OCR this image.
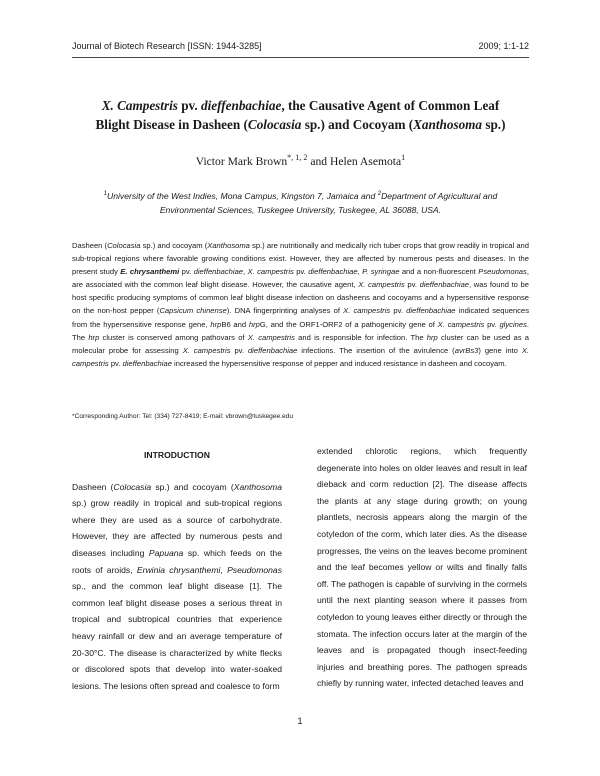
Journal of Biotech Research [ISSN: 1944-3285]	2009; 1:1-12
X. Campestris pv. dieffenbachiae, the Causative Agent of Common Leaf
Blight Disease in Dasheen (Colocasia sp.) and Cocoyam (Xanthosoma sp.)
Victor Mark Brown$^{*, 1, 2}$ and Helen Asemota$^1$
$^1$University of the West Indies, Mona Campus, Kingston 7, Jamaica and $^2$Department of Agricultural and Environmental Sciences, Tuskegee University, Tuskegee, AL 36088, USA.
Dasheen (Colocasia sp.) and cocoyam (Xanthosoma sp.) are nutritionally and medically rich tuber crops that grow readily in tropical and sub-tropical regions where favorable growing conditions exist. However, they are affected by numerous pests and diseases. In the present study E. chrysanthemi pv. dieffenbachiae, X. campestris pv. dieffenbachiae, P. syringae and a non-fluorescent Pseudomonas, are associated with the common leaf blight disease. However, the causative agent, X. campestris pv. dieffenbachiae, was found to be host specific producing symptoms of common leaf blight disease infection on dasheens and cocoyams and a hypersensitive response on the non-host pepper (Capsicum chinense). DNA fingerprinting analyses of X. campestris pv. dieffenbachiae indicated sequences from the hypersensitive response gene, hrpB6 and hrpG, and the ORF1-ORF2 of a pathogenicity gene of X. campestris pv. glycines. The hrp cluster is conserved among pathovars of X. campestris and is responsible for infection. The hrp cluster can be used as a molecular probe for assessing X. campestris pv. dieffenbachiae infections. The insertion of the avirulence (avrBs3) gene into X. campestris pv. dieffenbachiae increased the hypersensitive response of pepper and induced resistance in dasheen and cocoyam.
*Corresponding Author: Tel: (334) 727-8419; E-mail: vbrown@tuskegee.edu

INTRODUCTION

Dasheen (Colocasia sp.) and cocoyam (Xanthosoma sp.) grow readily in tropical and sub-tropical regions where they are used as a source of carbohydrate. However, they are affected by numerous pests and diseases including Papuana sp. which feeds on the roots of aroids, Erwinia chrysanthemi, Pseudomonas sp., and the common leaf blight disease [1]. The common leaf blight disease poses a serious threat in tropical and subtropical countries that experience heavy rainfall or dew and an average temperature of 20-30°C. The disease is characterized by white flecks or discolored spots that develop into water-soaked lesions. The lesions often spread and coalesce to form

extended chlorotic regions, which frequently degenerate into holes on older leaves and result in leaf dieback and corm reduction [2]. The disease affects the plants at any stage during growth; on young plantlets, necrosis appears along the margin of the cotyledon of the corm, which later dies. As the disease progresses, the veins on the leaves become prominent and the leaf becomes yellow or wilts and finally falls off. The pathogen is capable of surviving in the cormels until the next planting season where it passes from cotyledon to young leaves either directly or through the stomata. The infection occurs later at the margin of the leaves and is propagated though insect-feeding injuries and breathing pores. The pathogen spreads chiefly by running water, infected detached leaves and

1
